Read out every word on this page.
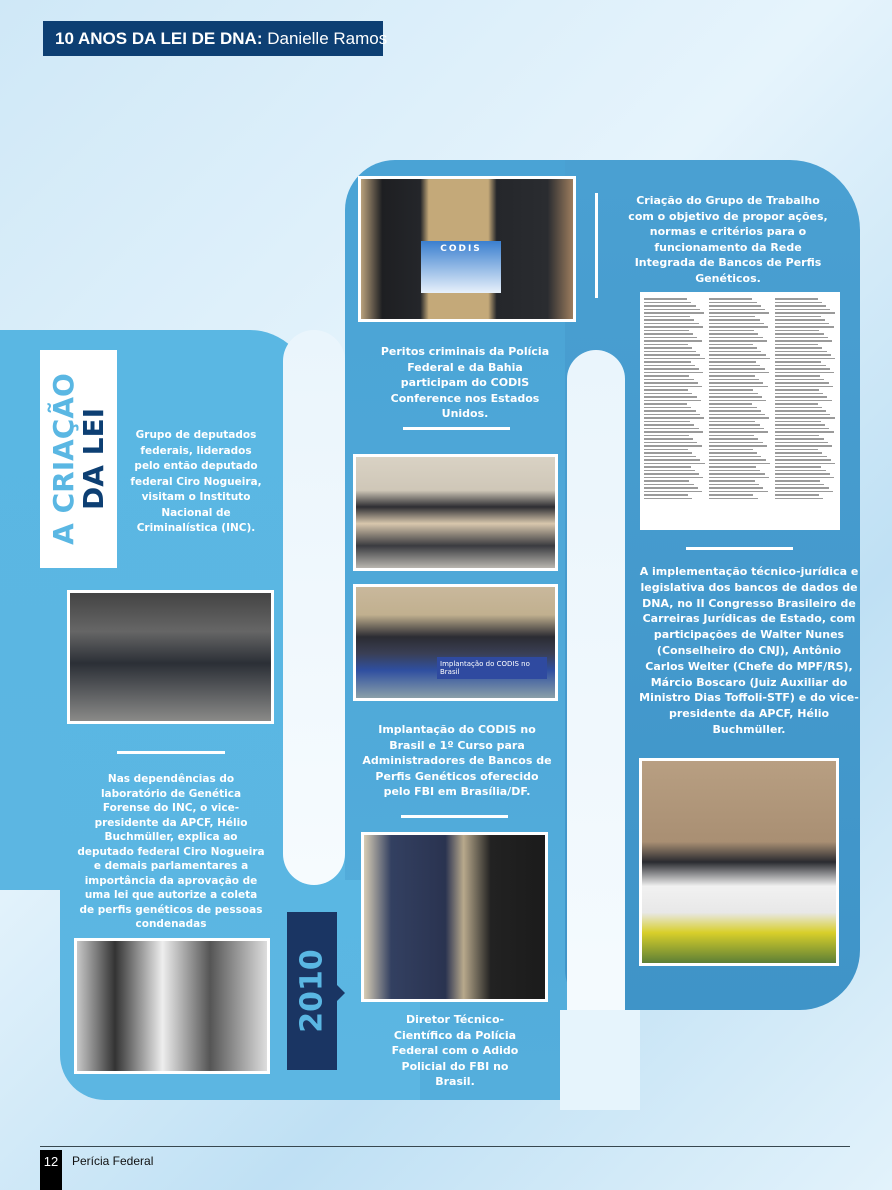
10 ANOS DA LEI DE DNA: Danielle Ramos
A CRIAÇÃO
DA LEI	Grupo de deputados federais, liderados pelo então deputado federal Ciro Nogueira, visitam o Instituto Nacional de Criminalística (INC).
Nas dependências do laboratório de Genética Forense do INC, o vice-presidente da APCF, Hélio Buchmüller, explica ao deputado federal Ciro Nogueira e demais parlamentares a importância da aprovação de uma lei que autorize a coleta de perfis genéticos de pessoas condenadas
2010
CODIS
Peritos criminais da Polícia Federal e da Bahia participam do CODIS Conference nos Estados Unidos.
Implantação do CODIS no Brasil
Implantação do CODIS no Brasil e 1º Curso para Administradores de Bancos de Perfis Genéticos oferecido pelo FBI em Brasília/DF.
Diretor Técnico-Científico da Polícia Federal com o Adido Policial do FBI no Brasil.
Criação do Grupo de Trabalho com o objetivo de propor ações, normas e critérios para o funcionamento da Rede Integrada de Bancos de Perfis Genéticos.
A implementação técnico-jurídica e legislativa dos bancos de dados de DNA, no II Congresso Brasileiro de Carreiras Jurídicas de Estado, com participações de Walter Nunes (Conselheiro do CNJ), Antônio Carlos Welter (Chefe do MPF/RS), Márcio Boscaro (Juiz Auxiliar do Ministro Dias Toffoli-STF) e do vice-presidente da APCF, Hélio Buchmüller.
12	Perícia Federal
